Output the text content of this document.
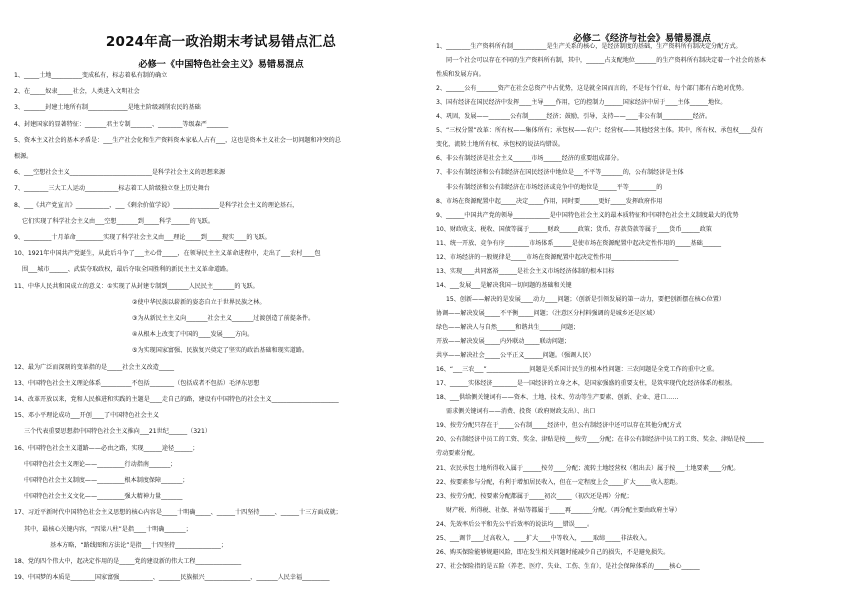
2024年高一政治期末考试易错点汇总
必修一《中国特色社会主义》易错易混点
1、_____土地__________变成私有，标志着私有制的确立
2、在_____奴隶_____社会，人类进入文明社会
3、_______封建土地所有制_____________是地主阶级剥削农民的基础
4、封建国家的显著特征：_______君主专制_______、________等级森严_______
5、资本主义社会的基本矛盾是：___生产社会化和生产资料资本家私人占有___，这也是资本主义社会一切问题和冲突的总
根源。
6、___空想社会主义___________________________是科学社会主义的思想来源
7、________三大工人运动___________标志着工人阶级独立登上历史舞台
8、___《共产党宣言》___________、___《剩余价值学说》_______________是科学社会主义的理论基石，
它们实现了科学社会主义由___空想_______到_____科学______的飞跃。
9、_________十月革命_________实现了科学社会主义由___理论_____到_____现实____的飞跃。
10、1921年中国共产党诞生，从此后斗争了___主心骨_____，在领导民主主义革命进程中，走出了___农村____包
围___城市______、武装夺取政权，最后夺取全国胜利的新民主主义革命道路。
11、中华人民共和国成立的意义：①实现了从封建专制到_______人民民主_______的飞跃。
②使中华民族以崭新的姿态自立于世界民族之林。
③为从新民主主义向_______社会主义_______过渡创造了前提条件。
④从根本上改变了中国的____发展____方向。
⑤为实现国家富强、民族复兴奠定了坚实的政治基础和现实道路。
12、最为广泛而深刻的变革指的是_____社会主义改造_____
13、中国特色社会主义理论体系__________不包括________（包括成者不包括）毛泽东思想
14、改革开放以来，党和人民推进和实践的主题是____走自己的路，建设有中国特色的社会主义______________________
15、邓小平理论成功___开创____了中国特色社会主义
三个代表重要思想指中国特色社会主义推向___21世纪______（321）
16、中国特色社会主义道路——必由之路，实现______途径______；
中国特色社会主义理论——_________行动指南_______；
中国特色社会主义制度——_________根本制度保障_______；
中国特色社会主义文化——_________强大精神力量_______
17、习近平新时代中国特色社会主义思想的核心内容是_____十明确_____、______十四坚持_____、______十三方面成就；
其中，最核心关键内容，“四梁八柱”是指____十明确_______；
基本方略，“路线图和方法论”是指___十四坚持_______________；
18、党的四个伟大中，起决定作用的是_____党的建设新的伟大工程_______________
19、中国梦的本质是________国家富强___________、_______民族振兴_______________、_______人民幸福_________
必修二《经济与社会》易错易混点
1、________生产资料所有制___________是生产关系的核心，是经济制度的基础，生产资料所有制决定分配方式。
同一个社会可以存在不同的生产资料所有制，其中，______占支配地位_______的生产资料所有制决定着一个社会的基本
性质和发展方向。
2、______公有_______资产在社会总资产中占优势，这是就全国而言的，不是每个行业、每个部门都有占绝对优势。
3、国有经济在国民经济中发挥____主导____作用，它的控制力______国家经济中居于____主体______地位。
4、巩固，发展——_______公有制______经济；鼓励，引导，支持——____非公有制__________经济。
5、“三权分置”改革：所有权——集体所有；承包权——农户；经营权——其他经营主体。其中，所有权、承包权____没有
变化，流转土地所有权、承包权的说法均错误。
6、非公有制经济是社会主义______市场______经济的重要组成部分。
7、非公有制经济和公有制经济在国民经济中地位是___不平等_______的，公有制经济是主体
非公有制经济和公有制经济在市场经济或竞争中的地位是______平等_________的
8、市场在资源配置中起_____决定_____作用，同时要______更好_____发挥政府作用
9、______中国共产党的领导____________是中国特色社会主义的最本质特征和中国特色社会主义制度最大的优势
10、财政收支、税收、国债等属于______财政______政策；货币、存款贷款等属于____货币______政策
11、统一开放、竞争有序________市场体系______是使市场在资源配置中起决定性作用的_____基础______
12、市场经济的一般规律是_____市场在资源配置中起决定性作用______________________
13、实现____共同富裕______是社会主义市场经济体制的根本目标
14、___发展___是解决我国一切问题的基础和关键
15、创新——解决的是发展____动力____问题；（创新是引领发展的第一动力，要把创新摆在核心位置）
协调——解决发展_____不平衡_____问题；（注意区分村料强调的是城乡还是区域）
绿色——解决人与自然______和谐共生_______问题；
开放——解决发展_____内外联动_____联动问题；
共享——解决社会_____公平正义______问题。（强调人民）
16、“___三农___”______________问题是关系国计民生的根本性问题：三农问题是全党工作的重中之重。
17、______实体经济________是一国经济的立身之本，是国家强盛的重要支柱，是筑牢现代化经济体系的根基。
18、___供给侧关键词有——资本、土地、技术、劳动等生产要素、创新、企业、进口……
需求侧关键词有——消费、投资（政府财政支出）、出口
19、按劳分配只存在于_____公有制_____经济中，但公有制经济中还可以存在其他分配方式
20、公有制经济中员工的工资、奖金、津贴是按___按劳____分配；在非公有制经济中员工的工资、奖金、津贴是按______
劳动要素分配。
21、农民承包土地所得收入属于______按劳____分配；流转土地经营权（租出去）属于按___土地要素____分配。
22、按要素参与分配，有利于增加居民收入，但在一定程度上会_____扩大_____收入差距。
23、按劳分配、按要素分配都属于_____初次_____（初次还是再）分配；
财产税、所得税、社保、补贴等都属于_____再_______分配。（再分配主要由政府主导）
24、先效率后公平和先公平后效率的说法均___错误____。
25、___调节____过高收入，____扩大____中等收入，____取缔_____非法收入。
26、购买保险能够规避风险，即在发生相关问题时能减少自己的损失，不是避免损失。
27、社会保险指的是五险（养老、医疗、失业、工伤、生育），是社会保障体系的_____核心______
